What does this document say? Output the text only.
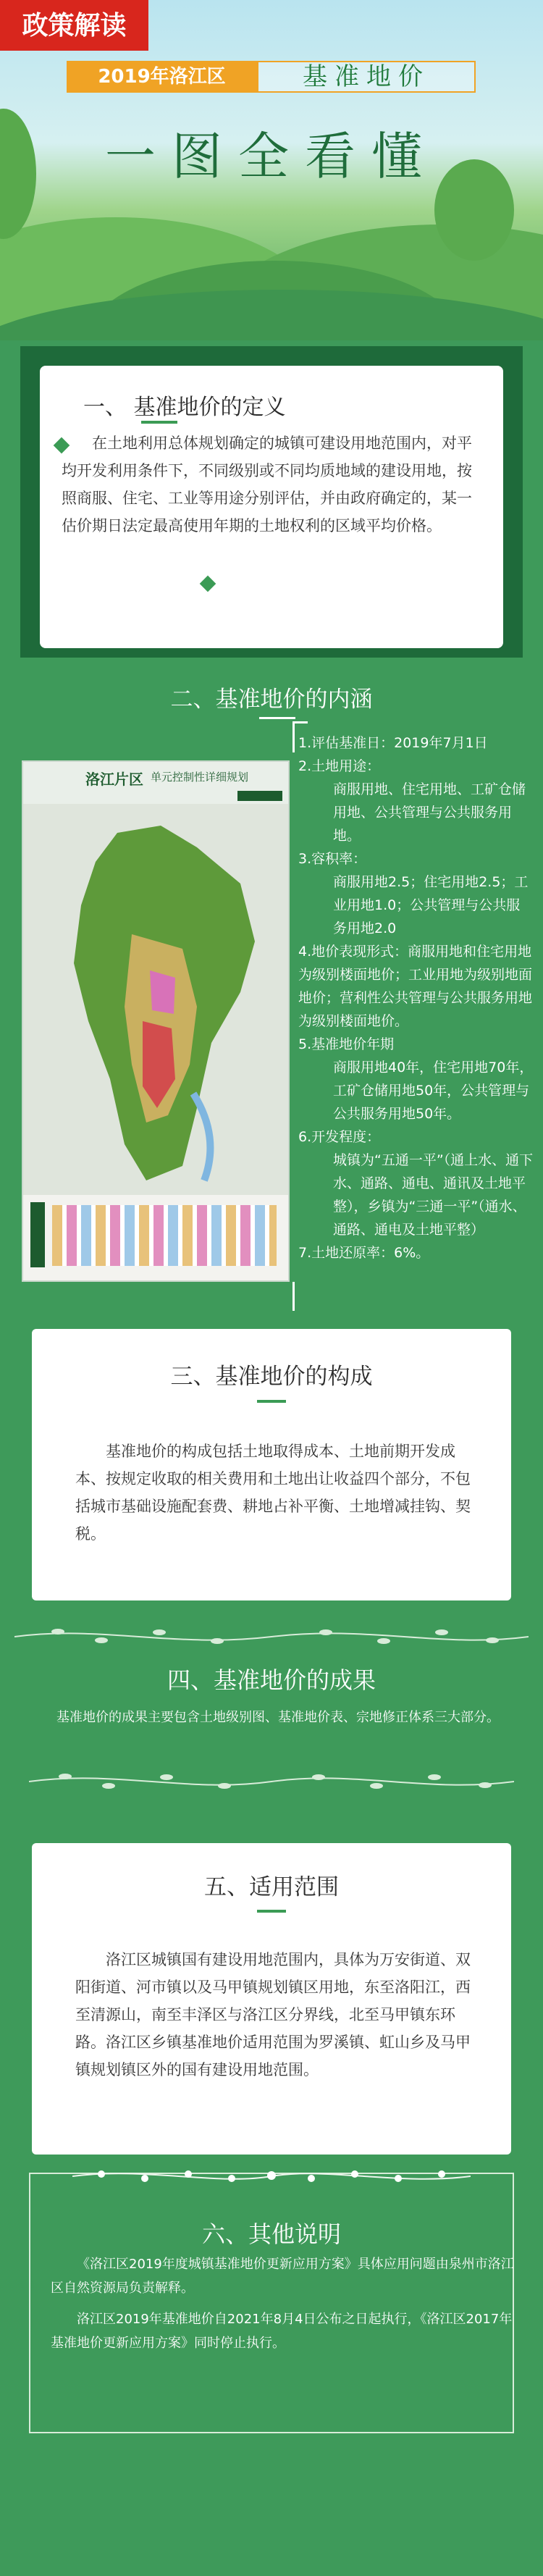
政策解读
2019年洛江区	基准地价
一图全看懂
一、 基准地价的定义
在土地利用总体规划确定的城镇可建设用地范围内，对平均开发利用条件下，不同级别或不同均质地域的建设用地，按照商服、住宅、工业等用途分别评估，并由政府确定的，某一估价期日法定最高使用年期的土地权利的区域平均价格。
二、基准地价的内涵
洛江片区 单元控制性详细规划
1.评估基准日：2019年7月1日
2.土地用途：
商服用地、住宅用地、工矿仓储用地、公共管理与公共服务用地。
3.容积率：
商服用地2.5；住宅用地2.5；工业用地1.0；公共管理与公共服务用地2.0
4.地价表现形式：商服用地和住宅用地为级别楼面地价；工业用地为级别地面地价；营利性公共管理与公共服务用地为级别楼面地价。
5.基准地价年期
商服用地40年，住宅用地70年，工矿仓储用地50年，公共管理与公共服务用地50年。
6.开发程度：
城镇为“五通一平”（通上水、通下水、通路、通电、通讯及土地平整），乡镇为“三通一平”（通水、通路、通电及土地平整）
7.土地还原率：6%。
三、基准地价的构成
基准地价的构成包括土地取得成本、土地前期开发成本、按规定收取的相关费用和土地出让收益四个部分，不包括城市基础设施配套费、耕地占补平衡、土地增减挂钩、契税。
四、基准地价的成果
基准地价的成果主要包含土地级别图、基准地价表、宗地修正体系三大部分。
五、适用范围
洛江区城镇国有建设用地范围内，具体为万安街道、双阳街道、河市镇以及马甲镇规划镇区用地，东至洛阳江，西至清源山，南至丰泽区与洛江区分界线，北至马甲镇东环路。洛江区乡镇基准地价适用范围为罗溪镇、虹山乡及马甲镇规划镇区外的国有建设用地范围。
六、其他说明
《洛江区2019年度城镇基准地价更新应用方案》具体应用问题由泉州市洛江区自然资源局负责解释。
洛江区2019年基准地价自2021年8月4日公布之日起执行，《洛江区2017年基准地价更新应用方案》同时停止执行。
